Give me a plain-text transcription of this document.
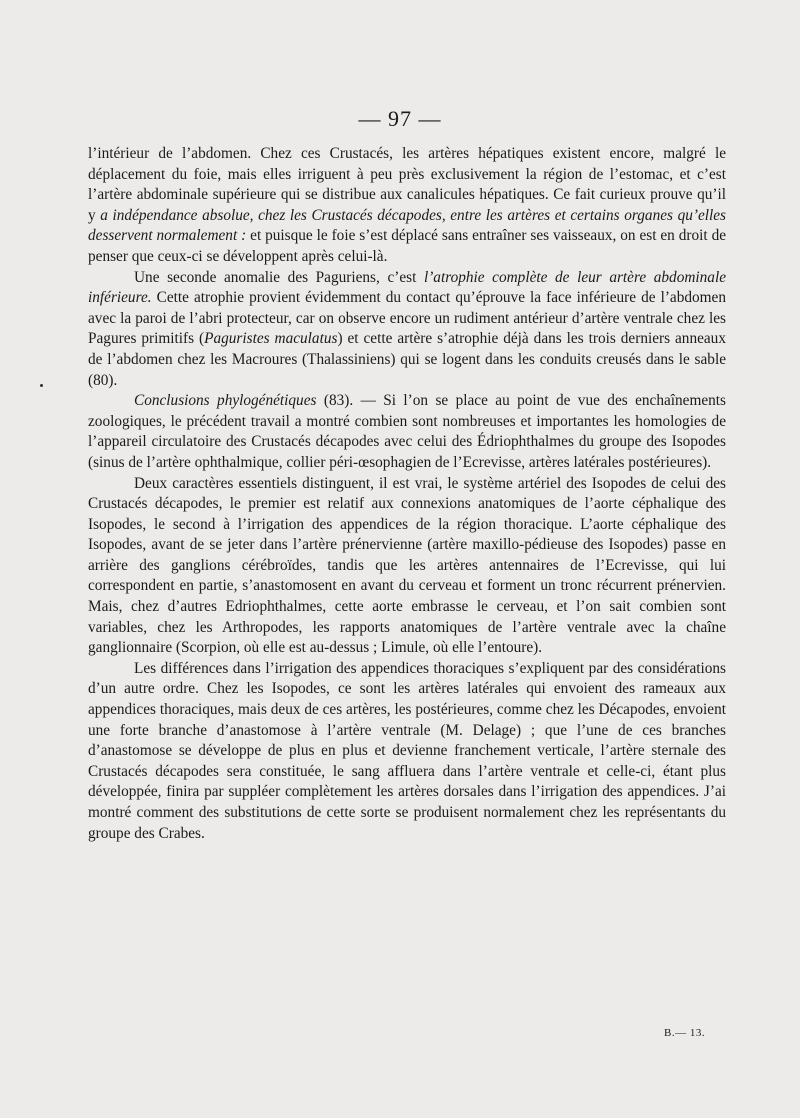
— 97 —

l’intérieur de l’abdomen. Chez ces Crustacés, les artères hépatiques existent encore, malgré le déplacement du foie, mais elles irriguent à peu près exclusivement la région de l’estomac, et c’est l’artère abdominale supérieure qui se distribue aux canalicules hépatiques. Ce fait curieux prouve qu’il y a indépendance absolue, chez les Crustacés décapodes, entre les artères et certains organes qu’elles desservent normalement : et puisque le foie s’est déplacé sans entraîner ses vaisseaux, on est en droit de penser que ceux-ci se développent après celui-là.

Une seconde anomalie des Paguriens, c’est l’atrophie complète de leur artère abdominale inférieure. Cette atrophie provient évidemment du contact qu’éprouve la face inférieure de l’abdomen avec la paroi de l’abri protecteur, car on observe encore un rudiment antérieur d’artère ventrale chez les Pagures primitifs (Paguristes maculatus) et cette artère s’atrophie déjà dans les trois derniers anneaux de l’abdomen chez les Macroures (Thalassiniens) qui se logent dans les conduits creusés dans le sable (80).

Conclusions phylogénétiques (83). — Si l’on se place au point de vue des enchaînements zoologiques, le précédent travail a montré combien sont nombreuses et importantes les homologies de l’appareil circulatoire des Crustacés décapodes avec celui des Édriophthalmes du groupe des Isopodes (sinus de l’artère ophthalmique, collier péri-œsophagien de l’Ecrevisse, artères latérales postérieures).

Deux caractères essentiels distinguent, il est vrai, le système artériel des Isopodes de celui des Crustacés décapodes, le premier est relatif aux connexions anatomiques de l’aorte céphalique des Isopodes, le second à l’irrigation des appendices de la région thoracique. L’aorte céphalique des Isopodes, avant de se jeter dans l’artère prénervienne (artère maxillo-pédieuse des Isopodes) passe en arrière des ganglions cérébroïdes, tandis que les artères antennaires de l’Ecrevisse, qui lui correspondent en partie, s’anastomosent en avant du cerveau et forment un tronc récurrent prénervien. Mais, chez d’autres Edriophthalmes, cette aorte embrasse le cerveau, et l’on sait combien sont variables, chez les Arthropodes, les rapports anatomiques de l’artère ventrale avec la chaîne ganglionnaire (Scorpion, où elle est au-dessus ; Limule, où elle l’entoure).

Les différences dans l’irrigation des appendices thoraciques s’expliquent par des considérations d’un autre ordre. Chez les Isopodes, ce sont les artères latérales qui envoient des rameaux aux appendices thoraciques, mais deux de ces artères, les postérieures, comme chez les Décapodes, envoient une forte branche d’anastomose à l’artère ventrale (M. Delage) ; que l’une de ces branches d’anastomose se développe de plus en plus et devienne franchement verticale, l’artère sternale des Crustacés décapodes sera constituée, le sang affluera dans l’artère ventrale et celle-ci, étant plus développée, finira par suppléer complètement les artères dorsales dans l’irrigation des appendices. J’ai montré comment des substitutions de cette sorte se produisent normalement chez les représentants du groupe des Crabes.

B.— 13.
